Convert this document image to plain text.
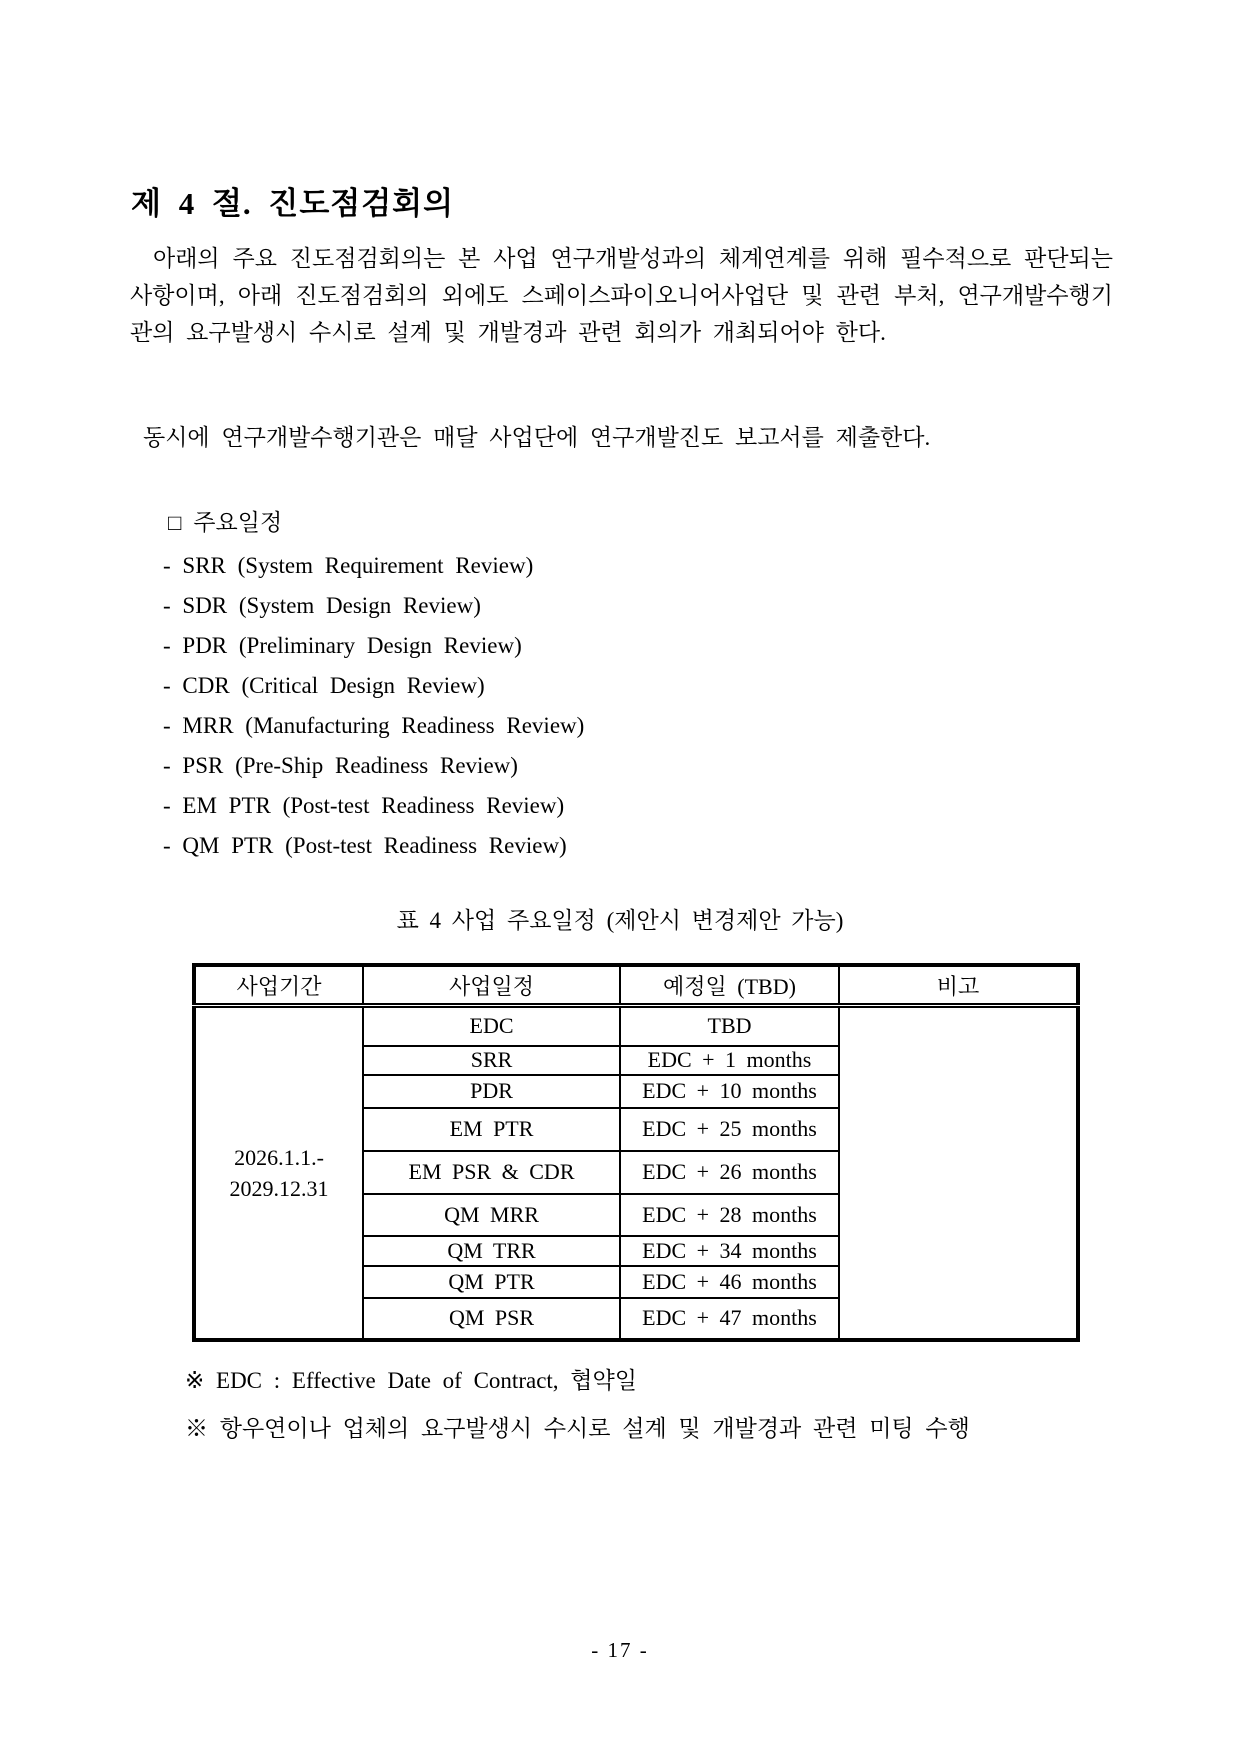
제 4 절. 진도점검회의
아래의 주요 진도점검회의는 본 사업 연구개발성과의 체계연계를 위해 필수적으로 판단되는 사항이며, 아래 진도점검회의 외에도 스페이스파이오니어사업단 및 관련 부처, 연구개발수행기관의 요구발생시 수시로 설계 및 개발경과 관련 회의가 개최되어야 한다.
동시에 연구개발수행기관은 매달 사업단에 연구개발진도 보고서를 제출한다.
□ 주요일정
- SRR (System Requirement Review)
- SDR (System Design Review)
- PDR (Preliminary Design Review)
- CDR (Critical Design Review)
- MRR (Manufacturing Readiness Review)
- PSR (Pre-Ship Readiness Review)
- EM PTR (Post-test Readiness Review)
- QM PTR (Post-test Readiness Review)
표 4 사업 주요일정 (제안시 변경제안 가능)
사업기간	사업일정	예정일 (TBD)	비고

2026.1.1.-
2029.12.31	EDC	TBD	
	SRR	EDC + 1 months	
	PDR	EDC + 10 months	
	EM PTR	EDC + 25 months	
	EM PSR & CDR	EDC + 26 months	
	QM MRR	EDC + 28 months	
	QM TRR	EDC + 34 months	
	QM PTR	EDC + 46 months	
	QM PSR	EDC + 47 months	
※ EDC : Effective Date of Contract, 협약일
※ 항우연이나 업체의 요구발생시 수시로 설계 및 개발경과 관련 미팅 수행
- 17 -
